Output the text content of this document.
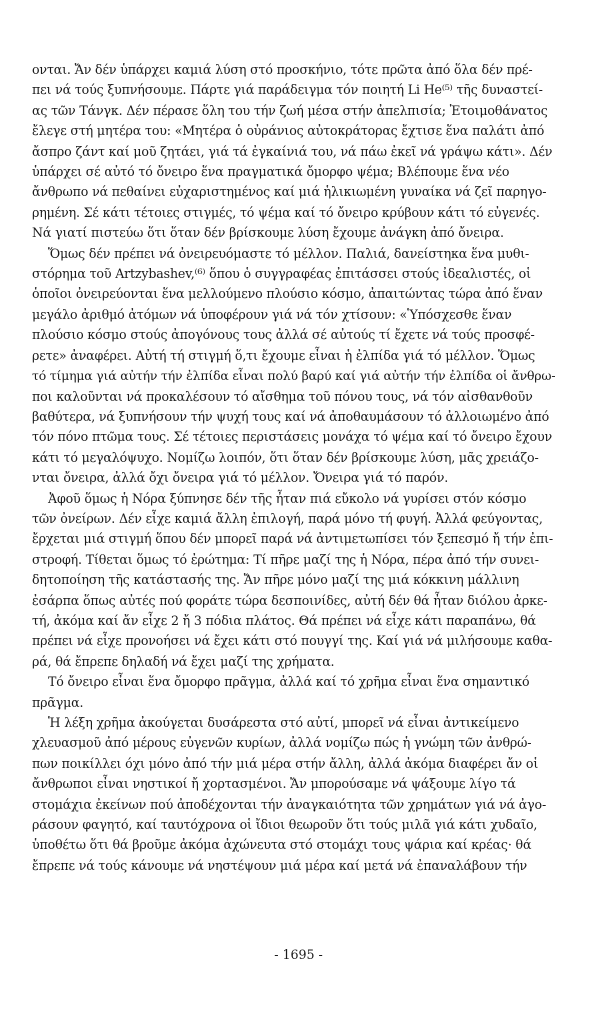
ονται. Ἄν δέν ὑπάρχει καμιά λύση στό προσκήνιο, τότε πρῶτα ἀπό ὅλα δέν πρέ-
πει νά τούς ξυπνήσουμε. Πάρτε γιά παράδειγμα τόν ποιητή Li He⁽⁵⁾ τῆς δυναστεί-
ας τῶν Τάνγκ. Δέν πέρασε ὅλη του τήν ζωή μέσα στήν ἀπελπισία; Ἐτοιμοθάνατος
ἔλεγε στή μητέρα του: «Μητέρα ὁ οὐράνιος αὐτοκράτορας ἔχτισε ἕνα παλάτι ἀπό
ἄσπρο ζάντ καί μοῦ ζητάει, γιά τά ἐγκαίνιά του, νά πάω ἐκεῖ νά γράψω κάτι». Δέν
ὑπάρχει σέ αὐτό τό ὄνειρο ἕνα πραγματικά ὄμορφο ψέμα; Βλέπουμε ἕνα νέο
ἄνθρωπο νά πεθαίνει εὐχαριστημένος καί μιά ἡλικιωμένη γυναίκα νά ζεῖ παρηγο-
ρημένη. Σέ κάτι τέτοιες στιγμές, τό ψέμα καί τό ὄνειρο κρύβουν κάτι τό εὐγενές.
Νά γιατί πιστεύω ὅτι ὅταν δέν βρίσκουμε λύση ἔχουμε ἀνάγκη ἀπό ὄνειρα.
Ὅμως δέν πρέπει νά ὀνειρευόμαστε τό μέλλον. Παλιά, δανείστηκα ἕνα μυθι-
στόρημα τοῦ Artzybashev,⁽⁶⁾ ὅπου ὁ συγγραφέας ἐπιτάσσει στούς ἰδεαλιστές, οἱ
ὁποῖοι ὀνειρεύονται ἕνα μελλούμενο πλούσιο κόσμο, ἀπαιτώντας τώρα ἀπό ἕναν
μεγάλο ἀριθμό ἀτόμων νά ὑποφέρουν γιά νά τόν χτίσουν: «Ὑπόσχεσθε ἕναν
πλούσιο κόσμο στούς ἀπογόνους τους ἀλλά σέ αὐτούς τί ἔχετε νά τούς προσφέ-
ρετε» ἀναφέρει. Αὐτή τή στιγμή ὅ,τι ἔχουμε εἶναι ἡ ἐλπίδα γιά τό μέλλον. Ὅμως
τό τίμημα γιά αὐτήν τήν ἐλπίδα εἶναι πολύ βαρύ καί γιά αὐτήν τήν ἐλπίδα οἱ ἄνθρω-
ποι καλοῦνται νά προκαλέσουν τό αἴσθημα τοῦ πόνου τους, νά τόν αἰσθανθοῦν
βαθύτερα, νά ξυπνήσουν τήν ψυχή τους καί νά ἀποθαυμάσουν τό ἀλλοιωμένο ἀπό
τόν πόνο πτῶμα τους. Σέ τέτοιες περιστάσεις μονάχα τό ψέμα καί τό ὄνειρο ἔχουν
κάτι τό μεγαλόψυχο. Νομίζω λοιπόν, ὅτι ὅταν δέν βρίσκουμε λύση, μᾶς χρειάζο-
νται ὄνειρα, ἀλλά ὄχι ὄνειρα γιά τό μέλλον. Ὄνειρα γιά τό παρόν.
Ἀφοῦ ὅμως ἡ Νόρα ξύπνησε δέν τῆς ἦταν πιά εὔκολο νά γυρίσει στόν κόσμο
τῶν ὀνείρων. Δέν εἶχε καμιά ἄλλη ἐπιλογή, παρά μόνο τή φυγή. Ἀλλά φεύγοντας,
ἔρχεται μιά στιγμή ὅπου δέν μπορεῖ παρά νά ἀντιμετωπίσει τόν ξεπεσμό ἤ τήν ἐπι-
στροφή. Τίθεται ὅμως τό ἐρώτημα: Τί πῆρε μαζί της ἡ Νόρα, πέρα ἀπό τήν συνει-
δητοποίηση τῆς κατάστασής της. Ἄν πῆρε μόνο μαζί της μιά κόκκινη μάλλινη
ἐσάρπα ὅπως αὐτές πού φοράτε τώρα δεσποινίδες, αὐτή δέν θά ἦταν διόλου ἀρκε-
τή, ἀκόμα καί ἄν εἶχε 2 ἤ 3 πόδια πλάτος. Θά πρέπει νά εἶχε κάτι παραπάνω, θά
πρέπει νά εἶχε προνοήσει νά ἔχει κάτι στό πουγγί της. Καί γιά νά μιλήσουμε καθα-
ρά, θά ἔπρεπε δηλαδή νά ἔχει μαζί της χρήματα.
Τό ὄνειρο εἶναι ἕνα ὄμορφο πρᾶγμα, ἀλλά καί τό χρῆμα εἶναι ἕνα σημαντικό
πρᾶγμα.
Ἡ λέξη χρῆμα ἀκούγεται δυσάρεστα στό αὐτί, μπορεῖ νά εἶναι ἀντικείμενο
χλευασμοῦ ἀπό μέρους εὐγενῶν κυρίων, ἀλλά νομίζω πώς ἡ γνώμη τῶν ἀνθρώ-
πων ποικίλλει όχι μόνο ἀπό τήν μιά μέρα στήν ἄλλη, ἀλλά ἀκόμα διαφέρει ἄν οἱ
ἄνθρωποι εἶναι νηστικοί ἤ χορτασμένοι. Ἄν μπορούσαμε νά ψάξουμε λίγο τά
στομάχια ἐκείνων πού ἀποδέχονται τήν ἀναγκαιότητα τῶν χρημάτων γιά νά ἀγο-
ράσουν φαγητό, καί ταυτόχρονα οἱ ἴδιοι θεωροῦν ὅτι τούς μιλᾶ γιά κάτι χυδαῖο,
ὑποθέτω ὅτι θά βροῦμε ἀκόμα ἀχώνευτα στό στομάχι τους ψάρια καί κρέας· θά
ἔπρεπε νά τούς κάνουμε νά νηστέψουν μιά μέρα καί μετά νά ἐπαναλάβουν τήν
- 1695 -
